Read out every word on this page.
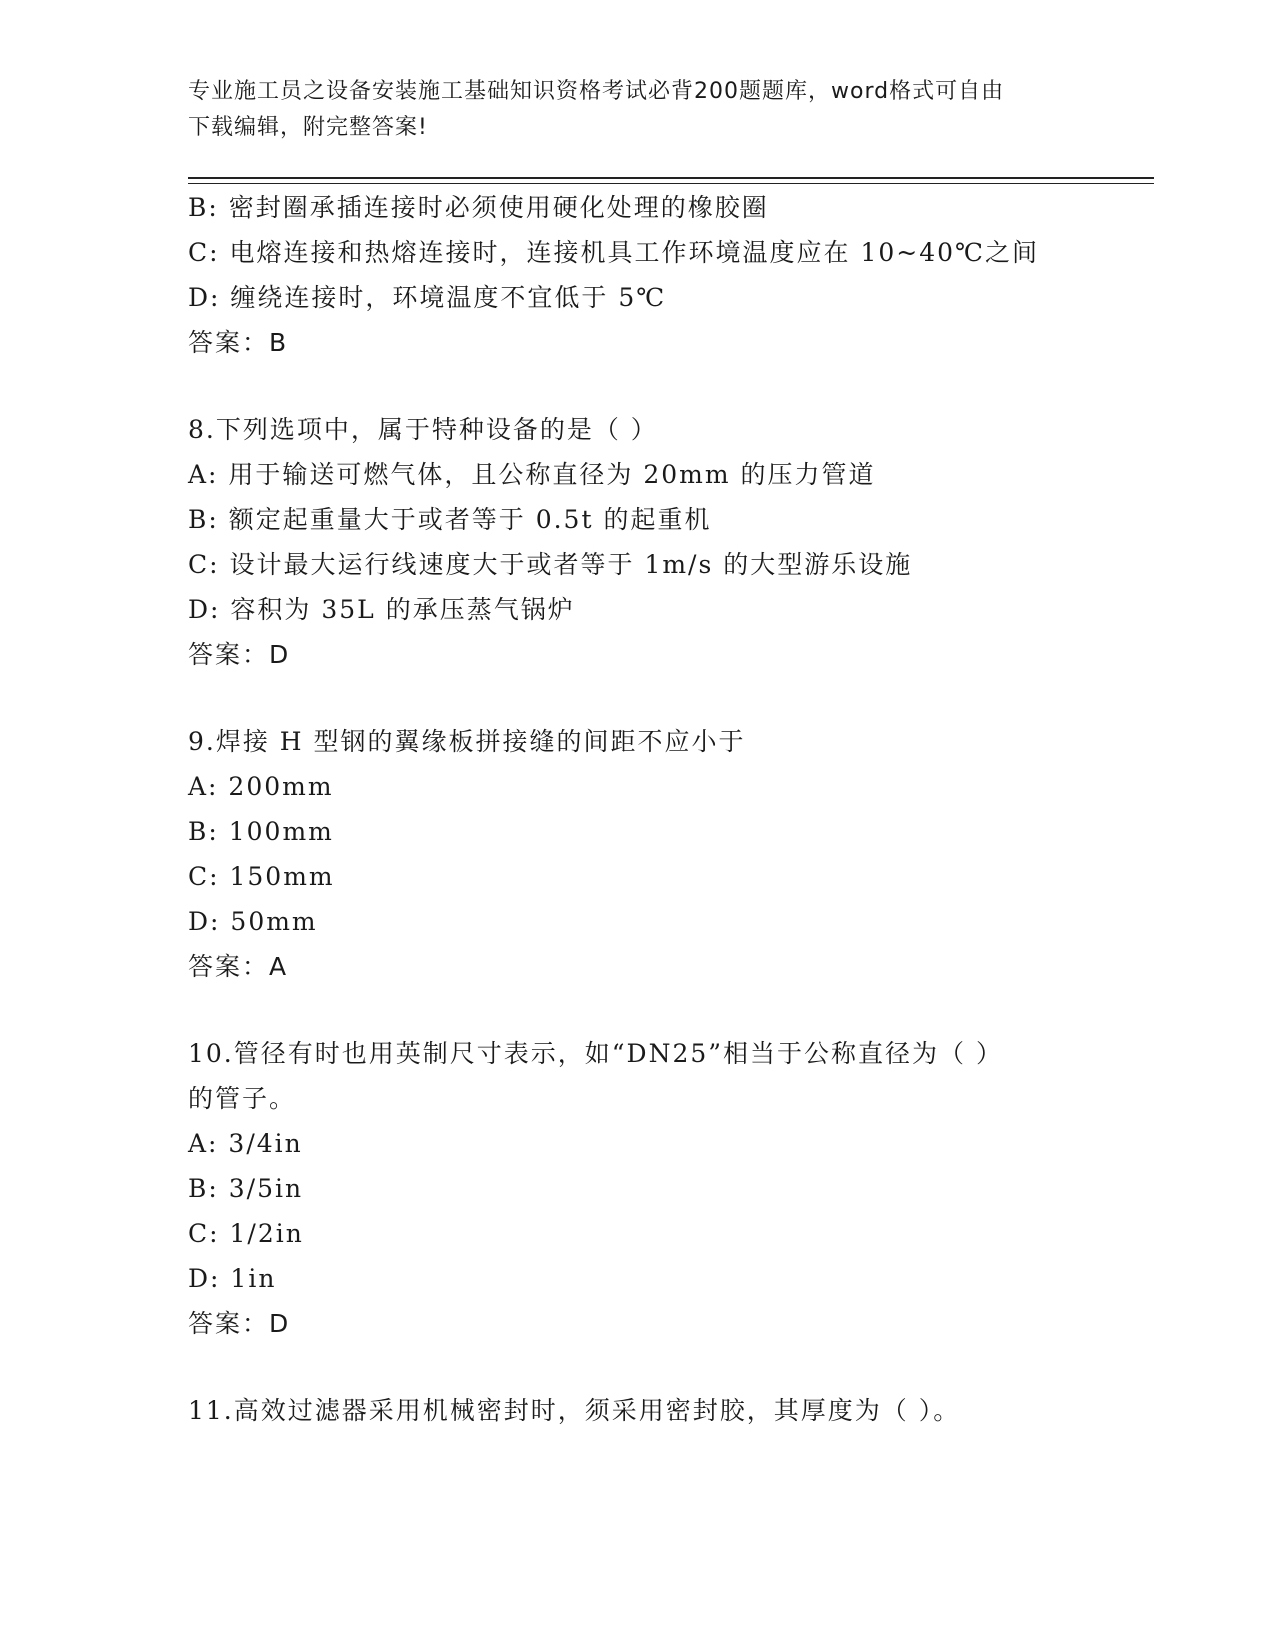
专业施工员之设备安装施工基础知识资格考试必背200题题库，word格式可自由
下载编辑，附完整答案!
B: 密封圈承插连接时必须使用硬化处理的橡胶圈
C: 电熔连接和热熔连接时，连接机具工作环境温度应在 10~40℃之间
D: 缠绕连接时，环境温度不宜低于 5℃
答案：B
8.下列选项中，属于特种设备的是（ ）
A: 用于输送可燃气体，且公称直径为 20mm 的压力管道
B: 额定起重量大于或者等于 0.5t 的起重机
C: 设计最大运行线速度大于或者等于 1m/s 的大型游乐设施
D: 容积为 35L 的承压蒸气锅炉
答案：D
9.焊接 H 型钢的翼缘板拼接缝的间距不应小于
A: 200mm
B: 100mm
C: 150mm
D: 50mm
答案：A
10.管径有时也用英制尺寸表示，如“DN25”相当于公称直径为（ ）
的管子。
A: 3/4in
B: 3/5in
C: 1/2in
D: 1in
答案：D
11.高效过滤器采用机械密封时，须采用密封胶，其厚度为（ ）。
